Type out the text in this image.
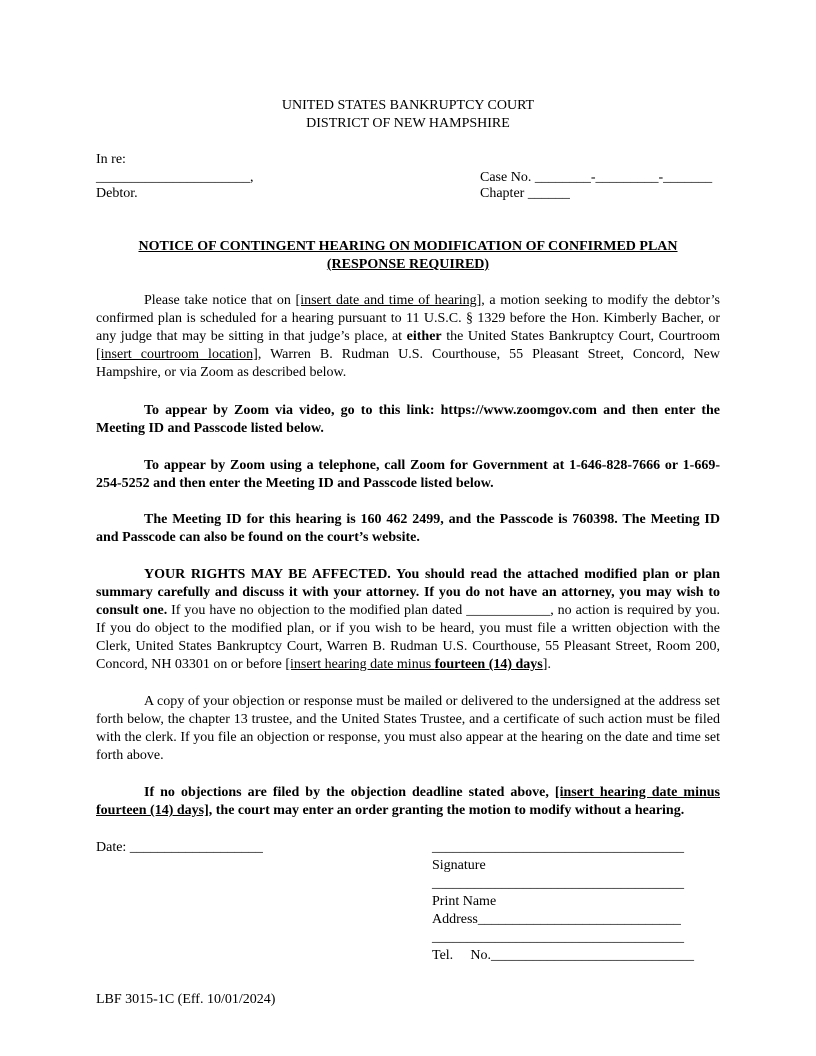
UNITED STATES BANKRUPTCY COURT
DISTRICT OF NEW HAMPSHIRE
In re:
______________________,
Debtor.
Case No. ________-_________-_______
Chapter ______
NOTICE OF CONTINGENT HEARING ON MODIFICATION OF CONFIRMED PLAN
(RESPONSE REQUIRED)
Please take notice that on [insert date and time of hearing], a motion seeking to modify the debtor’s confirmed plan is scheduled for a hearing pursuant to 11 U.S.C. § 1329 before the Hon. Kimberly Bacher, or any judge that may be sitting in that judge’s place, at either the United States Bankruptcy Court, Courtroom [insert courtroom location], Warren B. Rudman U.S. Courthouse, 55 Pleasant Street, Concord, New Hampshire, or via Zoom as described below.
To appear by Zoom via video, go to this link: https://www.zoomgov.com and then enter the Meeting ID and Passcode listed below.
To appear by Zoom using a telephone, call Zoom for Government at 1-646-828-7666 or 1-669-254-5252 and then enter the Meeting ID and Passcode listed below.
The Meeting ID for this hearing is 160 462 2499, and the Passcode is 760398. The Meeting ID and Passcode can also be found on the court’s website.
YOUR RIGHTS MAY BE AFFECTED. You should read the attached modified plan or plan summary carefully and discuss it with your attorney. If you do not have an attorney, you may wish to consult one. If you have no objection to the modified plan dated ____________, no action is required by you. If you do object to the modified plan, or if you wish to be heard, you must file a written objection with the Clerk, United States Bankruptcy Court, Warren B. Rudman U.S. Courthouse, 55 Pleasant Street, Room 200, Concord, NH 03301 on or before [insert hearing date minus fourteen (14) days].
A copy of your objection or response must be mailed or delivered to the undersigned at the address set forth below, the chapter 13 trustee, and the United States Trustee, and a certificate of such action must be filed with the clerk. If you file an objection or response, you must also appear at the hearing on the date and time set forth above.
If no objections are filed by the objection deadline stated above, [insert hearing date minus fourteen (14) days], the court may enter an order granting the motion to modify without a hearing.
Date: ___________________	____________________________________
Signature
____________________________________
Print Name
Address_____________________________
____________________________________
Tel. No._____________________________
LBF 3015-1C (Eff. 10/01/2024)
